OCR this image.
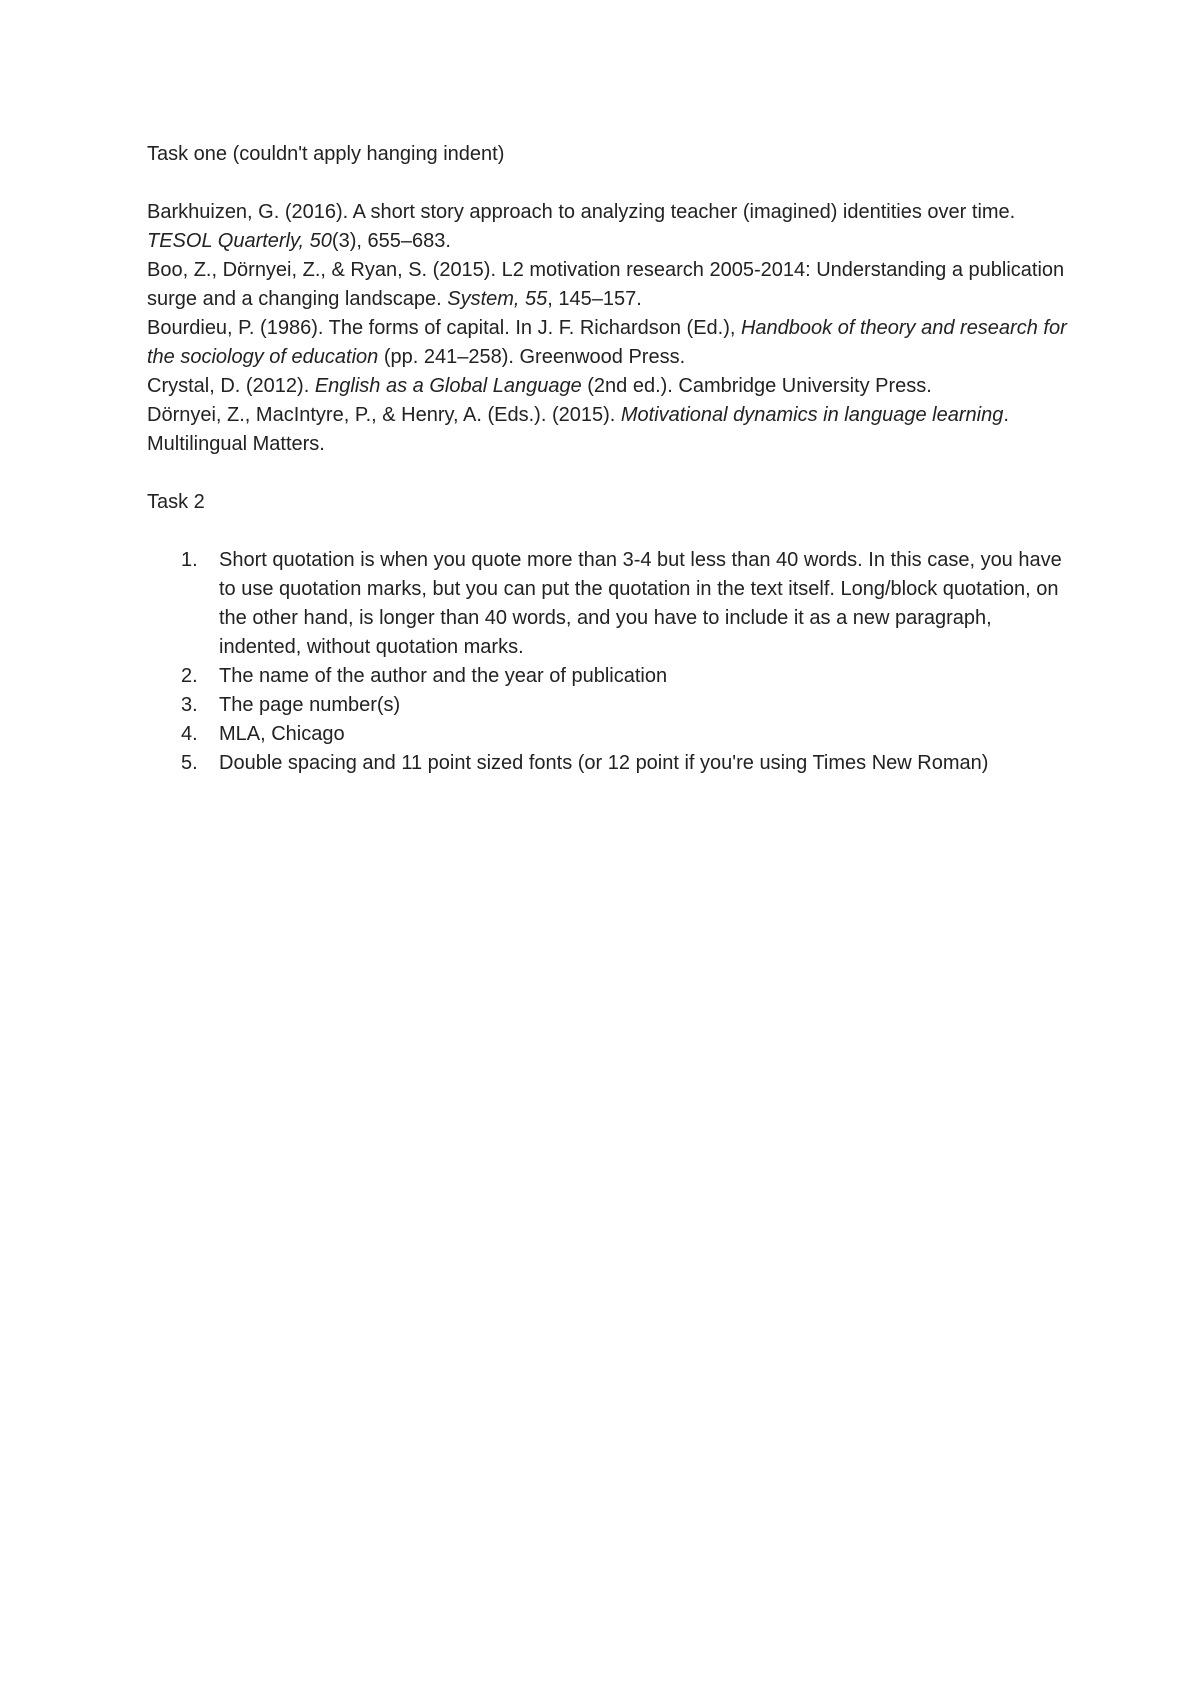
Task one (couldn't apply hanging indent)

Barkhuizen, G. (2016). A short story approach to analyzing teacher (imagined) identities over time. TESOL Quarterly, 50(3), 655–683.

Boo, Z., Dörnyei, Z., & Ryan, S. (2015). L2 motivation research 2005-2014: Understanding a publication surge and a changing landscape. System, 55, 145–157.

Bourdieu, P. (1986). The forms of capital. In J. F. Richardson (Ed.), Handbook of theory and research for the sociology of education (pp. 241–258). Greenwood Press.

Crystal, D. (2012). English as a Global Language (2nd ed.). Cambridge University Press.

Dörnyei, Z., MacIntyre, P., & Henry, A. (Eds.). (2015). Motivational dynamics in language learning. Multilingual Matters.

Task 2

1. Short quotation is when you quote more than 3-4 but less than 40 words. In this case, you have to use quotation marks, but you can put the quotation in the text itself. Long/block quotation, on the other hand, is longer than 40 words, and you have to include it as a new paragraph, indented, without quotation marks.
2. The name of the author and the year of publication
3. The page number(s)
4. MLA, Chicago
5. Double spacing and 11 point sized fonts (or 12 point if you're using Times New Roman)
